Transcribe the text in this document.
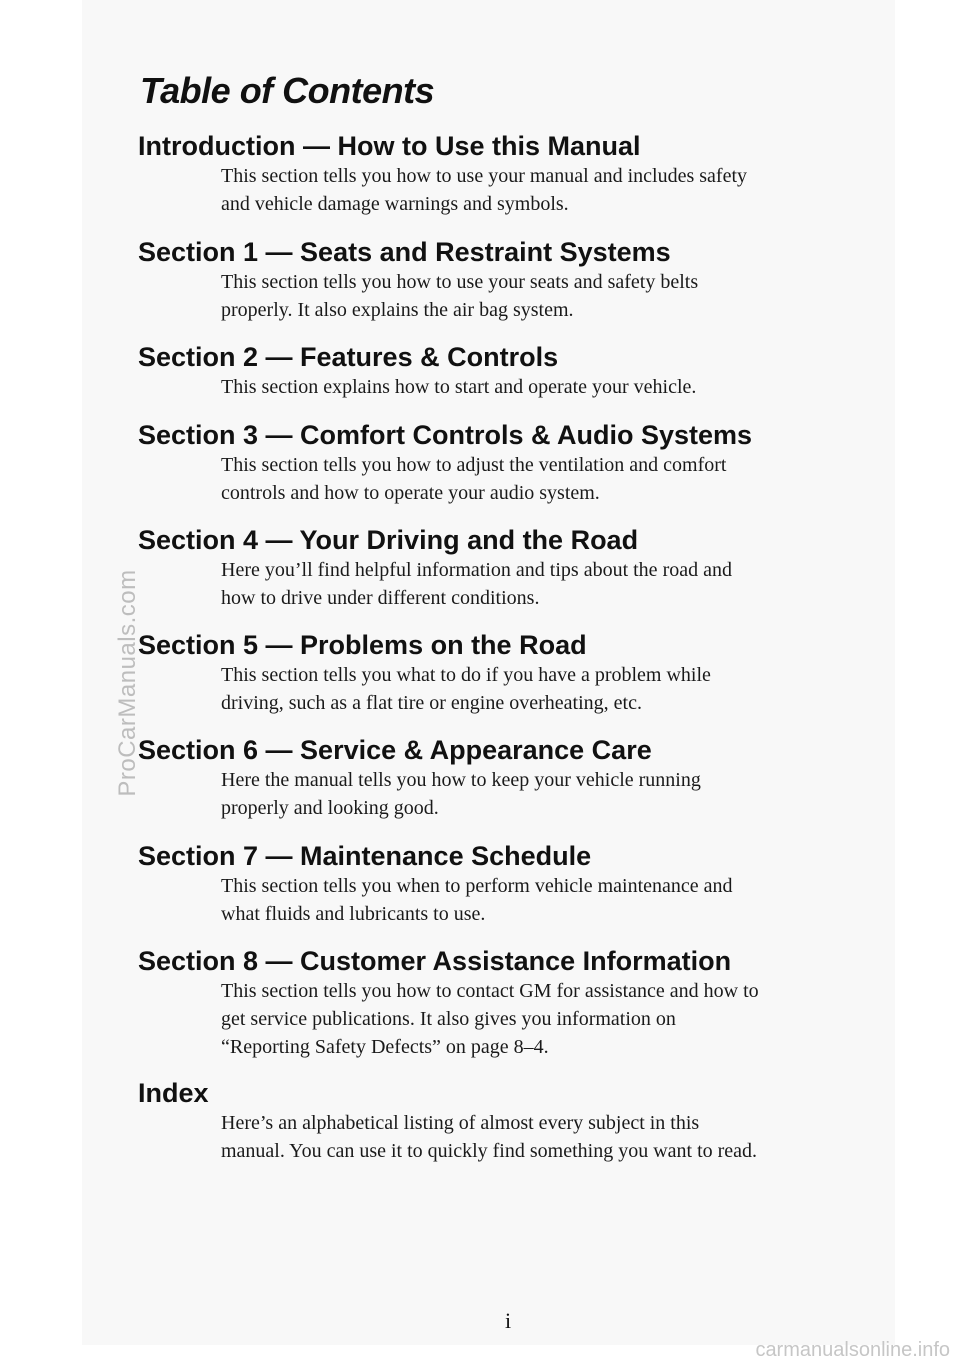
ProCarManuals.com
Table of Contents
Introduction — How to Use this Manual

This section tells you how to use your manual and includes safety
and vehicle damage warnings and symbols.

Section 1 — Seats and Restraint Systems

This section tells you how to use your seats and safety belts
properly. It also explains the air bag system.

Section 2 — Features & Controls

This section explains how to start and operate your vehicle.

Section 3 — Comfort Controls & Audio Systems

This section tells you how to adjust the ventilation and comfort
controls and how to operate your audio system.

Section 4 — Your Driving and the Road

Here you’ll find helpful information and tips about the road and
how to drive under different conditions.

Section 5 — Problems on the Road

This section tells you what to do if you have a problem while
driving, such as a flat tire or engine overheating, etc.

Section 6 — Service & Appearance Care

Here the manual tells you how to keep your vehicle running
properly and looking good.

Section 7 — Maintenance Schedule

This section tells you when to perform vehicle maintenance and
what fluids and lubricants to use.

Section 8 — Customer Assistance Information

This section tells you how to contact GM for assistance and how to
get service publications. It also gives you information on
“Reporting Safety Defects” on page 8–4.

Index

Here’s an alphabetical listing of almost every subject in this
manual. You can use it to quickly find something you want to read.

i
carmanualsonline.info
